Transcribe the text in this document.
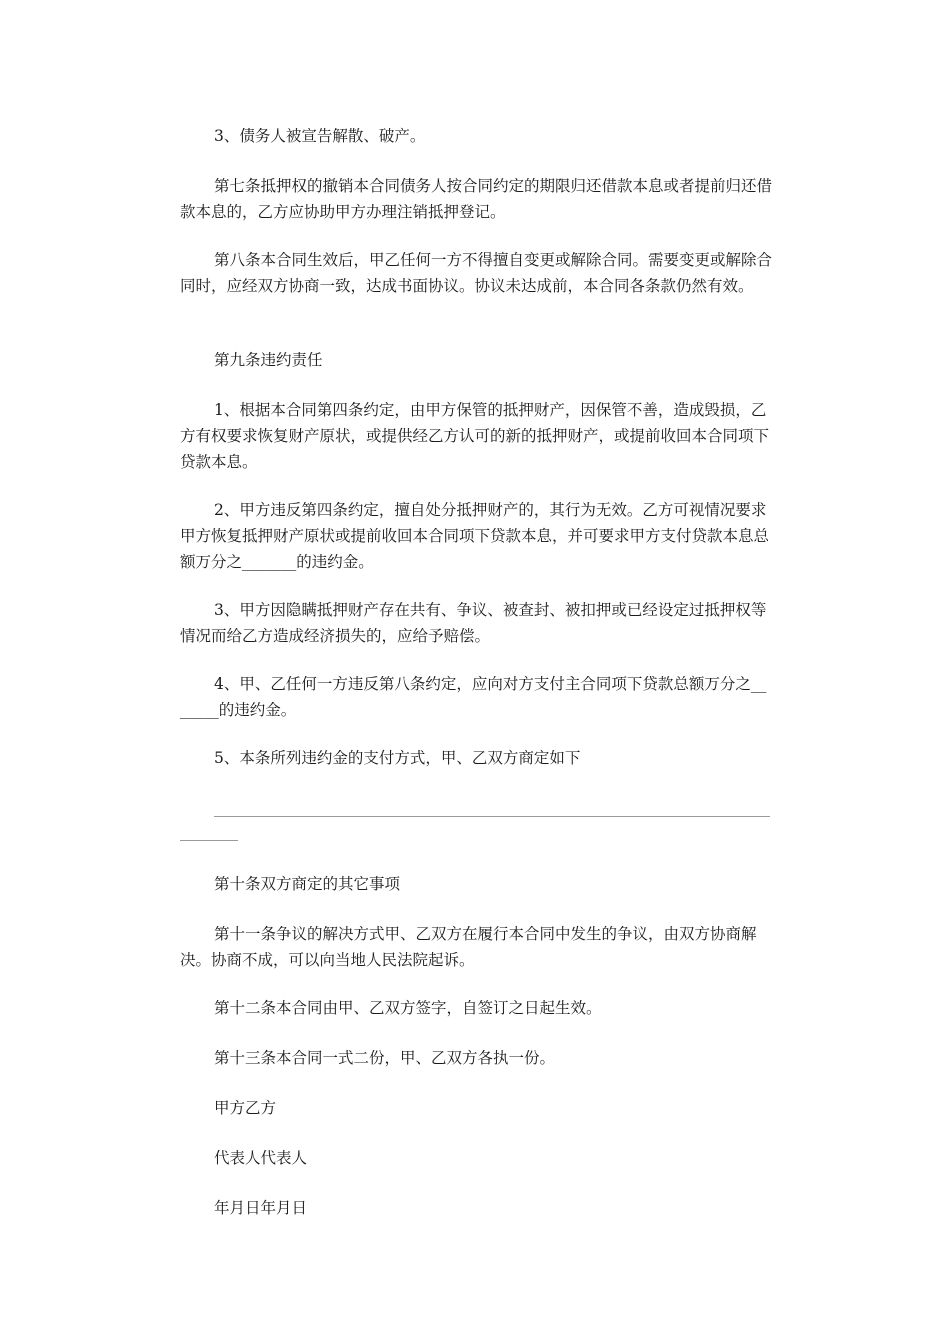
3、债务人被宣告解散、破产。

第七条抵押权的撤销本合同债务人按合同约定的期限归还借款本息或者提前归还借款本息的，乙方应协助甲方办理注销抵押登记。

第八条本合同生效后，甲乙任何一方不得擅自变更或解除合同。需要变更或解除合同时，应经双方协商一致，达成书面协议。协议未达成前，本合同各条款仍然有效。

第九条违约责任

1、根据本合同第四条约定，由甲方保管的抵押财产，因保管不善，造成毁损，乙方有权要求恢复财产原状，或提供经乙方认可的新的抵押财产，或提前收回本合同项下贷款本息。

2、甲方违反第四条约定，擅自处分抵押财产的，其行为无效。乙方可视情况要求甲方恢复抵押财产原状或提前收回本合同项下贷款本息，并可要求甲方支付贷款本息总额万分之_______的违约金。

3、甲方因隐瞒抵押财产存在共有、争议、被查封、被扣押或已经设定过抵押权等情况而给乙方造成经济损失的，应给予赔偿。

4、甲、乙任何一方违反第八条约定，应向对方支付主合同项下贷款总额万分之_______的违约金。

5、本条所列违约金的支付方式，甲、乙双方商定如下

第十条双方商定的其它事项

第十一条争议的解决方式甲、乙双方在履行本合同中发生的争议，由双方协商解决。协商不成，可以向当地人民法院起诉。

第十二条本合同由甲、乙双方签字，自签订之日起生效。

第十三条本合同一式二份，甲、乙双方各执一份。

甲方乙方

代表人代表人

年月日年月日
